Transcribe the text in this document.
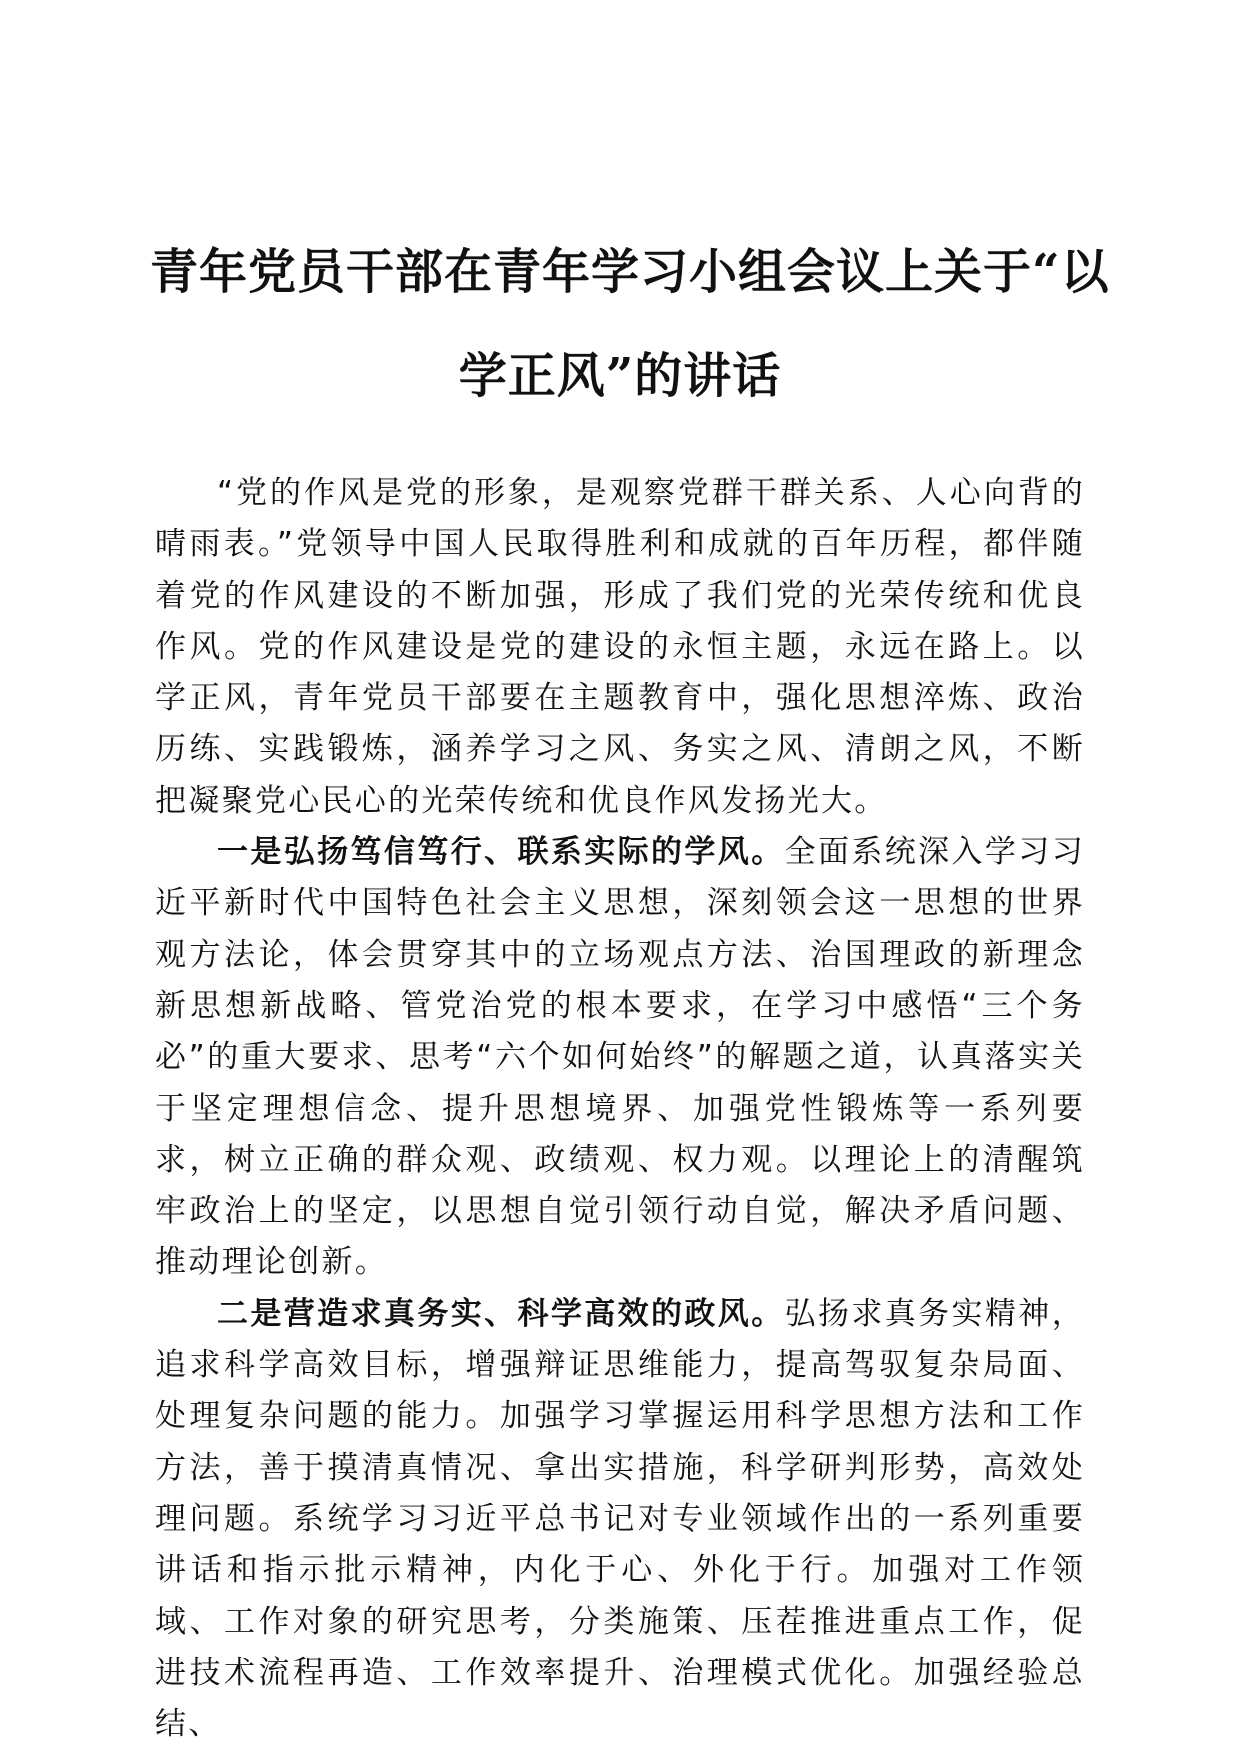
青年党员干部在青年学习小组会议上关于“以
学正风”的讲话

“党的作风是党的形象，是观察党群干群关系、人心向背的晴雨表。”党领导中国人民取得胜利和成就的百年历程，都伴随着党的作风建设的不断加强，形成了我们党的光荣传统和优良作风。党的作风建设是党的建设的永恒主题，永远在路上。以学正风，青年党员干部要在主题教育中，强化思想淬炼、政治历练、实践锻炼，涵养学习之风、务实之风、清朗之风，不断把凝聚党心民心的光荣传统和优良作风发扬光大。

一是弘扬笃信笃行、联系实际的学风。全面系统深入学习习近平新时代中国特色社会主义思想，深刻领会这一思想的世界观方法论，体会贯穿其中的立场观点方法、治国理政的新理念新思想新战略、管党治党的根本要求，在学习中感悟“三个务必”的重大要求、思考“六个如何始终”的解题之道，认真落实关于坚定理想信念、提升思想境界、加强党性锻炼等一系列要求，树立正确的群众观、政绩观、权力观。以理论上的清醒筑牢政治上的坚定，以思想自觉引领行动自觉，解决矛盾问题、推动理论创新。

二是营造求真务实、科学高效的政风。弘扬求真务实精神，追求科学高效目标，增强辩证思维能力，提高驾驭复杂局面、处理复杂问题的能力。加强学习掌握运用科学思想方法和工作方法，善于摸清真情况、拿出实措施，科学研判形势，高效处理问题。系统学习习近平总书记对专业领域作出的一系列重要讲话和指示批示精神，内化于心、外化于行。加强对工作领域、工作对象的研究思考，分类施策、压茬推进重点工作，促进技术流程再造、工作效率提升、治理模式优化。加强经验总结、
